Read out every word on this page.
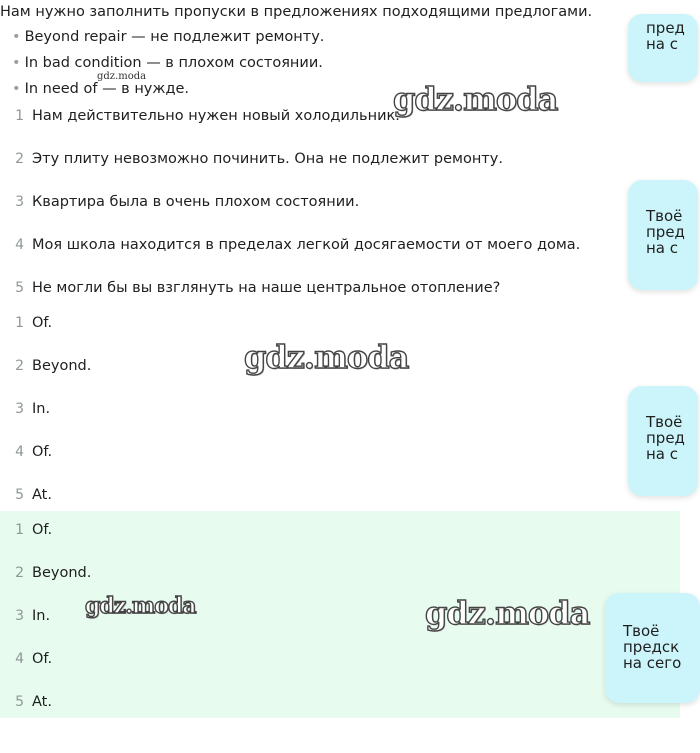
Нам нужно заполнить пропуски в предложениях подходящими предлогами.

• Beyond repair — не подлежит ремонту.
• In bad condition — в плохом состоянии.
• In need of — в нужде.
1 Нам действительно нужен новый холодильник.
2 Эту плиту невозможно починить. Она не подлежит ремонту.
3 Квартира была в очень плохом состоянии.
4 Моя школа находится в пределах легкой досягаемости от моего дома.
5 Не могли бы вы взглянуть на наше центральное отопление?
1 Of.
2 Beyond.
3 In.
4 Of.
5 At.
1 Of.
2 Beyond.
3 In.
4 Of.
5 At.
пред
на с
Твоё
пред
на с
Твоё
пред
на с
Твоё
предск
на сего
gdz.moda
gdz.moda
gdz.moda
gdz.moda	gdz.moda
